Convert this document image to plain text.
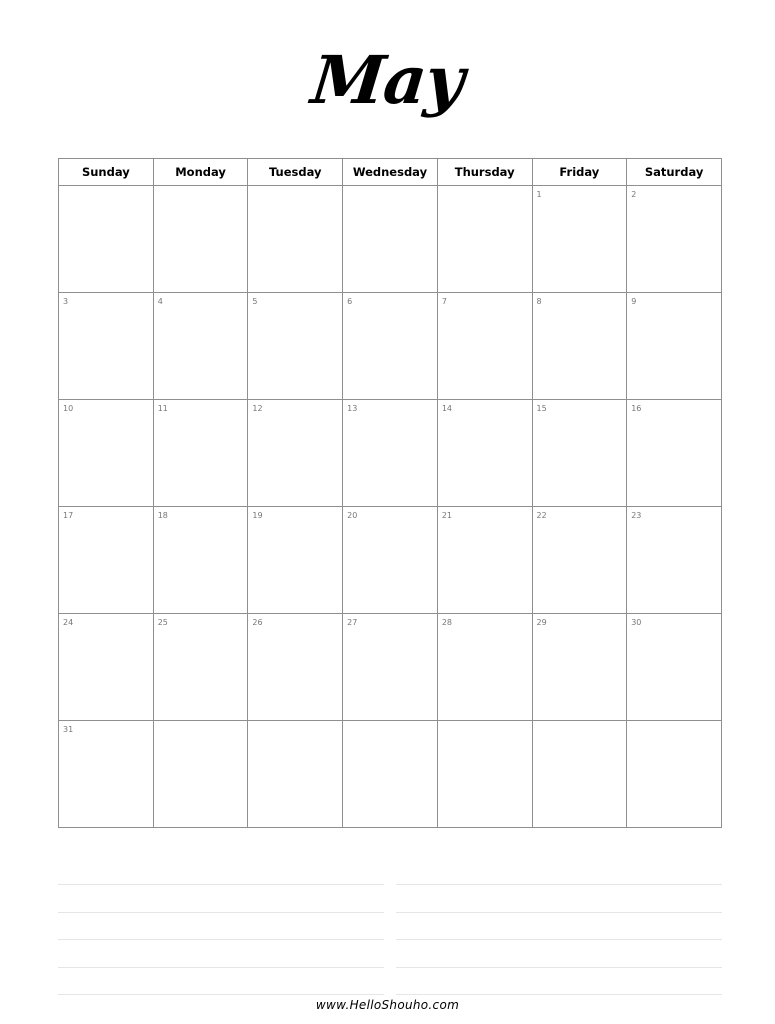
May
Sunday	Monday	Tuesday	Wednesday	Thursday	Friday	Saturday

					1	2

3	4	5	6	7	8	9

10	11	12	13	14	15	16

17	18	19	20	21	22	23

24	25	26	27	28	29	30

31						

www.HelloShouho.com
